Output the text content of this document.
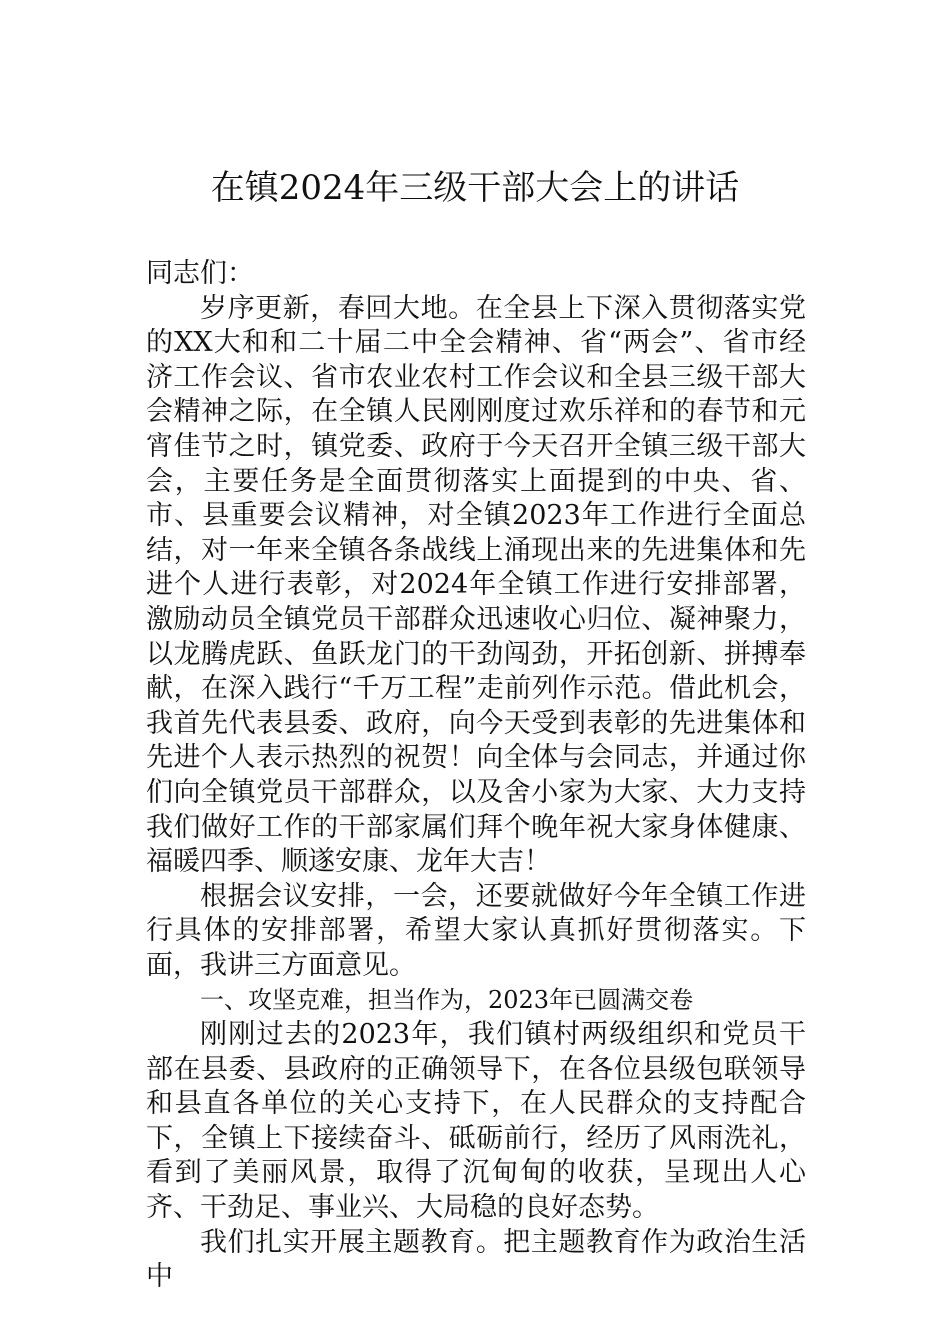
在镇2024年三级干部大会上的讲话

同志们：

岁序更新，春回大地。在全县上下深入贯彻落实党的XX大和和二十届二中全会精神、省“两会”、省市经济工作会议、省市农业农村工作会议和全县三级干部大会精神之际，在全镇人民刚刚度过欢乐祥和的春节和元宵佳节之时，镇党委、政府于今天召开全镇三级干部大会，主要任务是全面贯彻落实上面提到的中央、省、市、县重要会议精神，对全镇2023年工作进行全面总结，对一年来全镇各条战线上涌现出来的先进集体和先进个人进行表彰，对2024年全镇工作进行安排部署，激励动员全镇党员干部群众迅速收心归位、凝神聚力，以龙腾虎跃、鱼跃龙门的干劲闯劲，开拓创新、拼搏奉献，在深入践行“千万工程”走前列作示范。借此机会，我首先代表县委、政府，向今天受到表彰的先进集体和先进个人表示热烈的祝贺！向全体与会同志，并通过你们向全镇党员干部群众，以及舍小家为大家、大力支持我们做好工作的干部家属们拜个晚年祝大家身体健康、福暖四季、顺遂安康、龙年大吉！

根据会议安排，一会，还要就做好今年全镇工作进行具体的安排部署，希望大家认真抓好贯彻落实。下面，我讲三方面意见。

一、攻坚克难，担当作为，2023年已圆满交卷

刚刚过去的2023年，我们镇村两级组织和党员干部在县委、县政府的正确领导下，在各位县级包联领导和县直各单位的关心支持下，在人民群众的支持配合下，全镇上下接续奋斗、砥砺前行，经历了风雨洗礼，看到了美丽风景，取得了沉甸甸的收获，呈现出人心齐、干劲足、事业兴、大局稳的良好态势。

我们扎实开展主题教育。把主题教育作为政治生活中
